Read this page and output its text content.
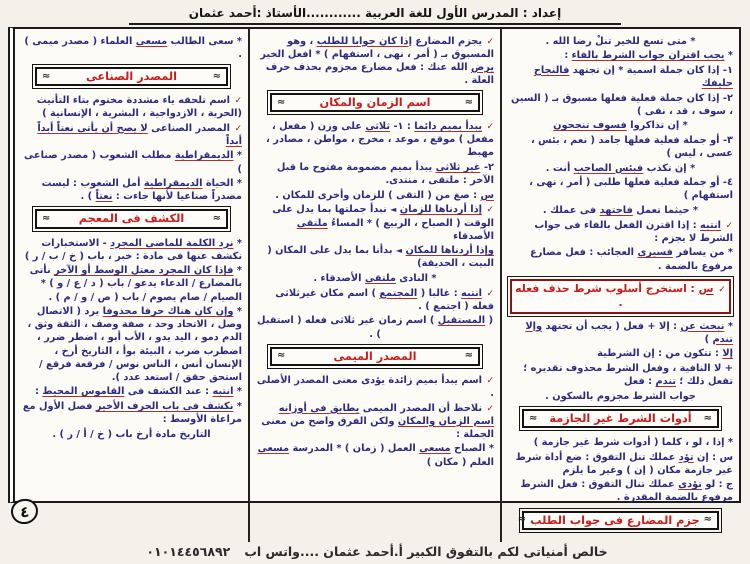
إعداد : المدرس الأول للغة العربية ............الأستاذ :أحمد عثمان
* متى تسع للخير تنلْ رضا الله .
* يجب اقتران جواب الشرط بالفاء :
١- إذا كان جملة اسمية * إن تجتهد فالنجاح حليفك
٢- إذا كان جملة فعلية فعلها مسبوق بـ ( السين ، سوف ، قد ، نفى )
* إن تذاكروا فسوف تنجحون
٣- أو جملة فعلية فعلها جامد ( نعم ، بئس ، عسى ، ليس )
* إن تكذب فبئس الصاحب أنت .
٤- أو جملة فعلية فعلها طلبى ( أمر ، نهى ، استفهام )
* حيثما تعمل فاجتهد فى عملك .
✓ انتبه : إذا اقترن الفعل بالفاء فى جواب الشرط لا يجزم :
* من يسافر فسيرى العجائب : فعل مضارع مرفوع بالضمة .
✓ س : استخرج أسلوب شرط حذف فعله .
* نبحث عن : إلا + فعل ( يجب أن تجتهد وإلا تندم )
إلا : تتكون من : إن الشرطية
+ لا النافية ، وفعل الشرط محذوف تقديره ؛ تفعل ذلك ؛ تندم : فعل
جواب الشرط مجزوم بالسكون .
≈
أدوات الشرط غير الجازمة
≈
* إذا ، لو ، كلما ( أدوات شرط غير جازمة )
س : إن تؤد عملك تنل التفوق : ضع أداة شرط غير جازمة مكان ( إن ) وغير ما يلزم
ج : لو تؤدى عملك تنال التفوق : فعل الشرط مرفوع بالضمة المقدرة .
≈
جزم المضارع فى جواب الطلب
≈
✓ يجزم المضارع إذا كان جوابا للطلب ، وهو المسبوق بـ ( أمر ، نهى ، استفهام ) * افعل الخير يرض الله عنك : فعل مضارع مجزوم بحذف حرف العلة .
≈
اسم الزمان والمكان
≈
✓ يبدأ بميم دائما : ١- ثلاثى على وزن ( مفعل ، مفعل ) موقع ، موعد ، مخرج ، مواطن ، مصادر ، مهبط
٢- غير ثلاثى يبدأ بميم مضمومة مفتوح ما قبل الآخر : ملتقى ، منتدى.
س : صغ من ( التقى ) للزمان وأخرى للمكان .
✓ إذا أردناها للزمان ◄ نبدأ جملتها بما يدل على الوقت ( الصباح ، الربيع ) * المساءُ ملتقى الأصدقاء
وإذا أردناها للمكان ◄ بدأنا بما يدل على المكان ( البيت ، الحديقة)
* النادى ملتقى الأصدقاء .
✓ انتبه : غالبا ( المجتمع ) اسم مكان غيرثلاثى فعله ( اجتمع ) .
( المستقبل ) اسم زمان غير ثلاثى فعله ( استقبل ) .
≈
المصدر الميمى
≈
✓ اسم يبدأ بميم زائدة يؤدى معنى المصدر الأصلى .
✓ نلاحظ أن المصدر الميمى يطابق فى أوزانه اسم الزمان والمكان ولكن الفرق واضح من معنى الجملة :
* الصباح مسعى العمل ( زمان ) * المدرسة مسعى العلم ( مكان )
* سعى الطالب مسعى العلماء ( مصدر ميمى ) .
≈
المصدر الصناعى
≈
✓ اسم تلحقه ياء مشددة مختوم بتاء التأنيث (الحرية ، الازدواجية ، البشرية ، الإنسانية )
✓ المصدر الصناعى لا يصح أن يأتى نعتاً أبداً أبداً
* الديمقراطية مطلب الشعوب ( مصدر صناعى )
* الحياة الديمقراطية أمل الشعوب : ليست مصدراً صناعيا لأنها جاءت : نعتاً ) .
≈
الكشف فى المعجم
≈
* نرد الكلمة للماضى المجرد - الاستخبارات نكشف عنها فى مادة : خبر ، باب ( خ / ب / ر )
* فإذا كان المجرد معتل الوسط أو الآخر نأتى بالمضارع / الدعاء يدعو / باب ( د / ع / و ) * الصيام / صام يصوم / باب ( ص / و / م ) .
* وإن كان هناك حرفا محذوفا يرد ( الاتصال وصل ، الاتحاد وحد ، صفة وصف ، الثقة وثق ، الدم دمو ، اليد يدو ، الأب أبو ، اضطر ضرر ، اضطرب ضرب ، البيئة بوأ ، التاريخ أرخ ، الإنسان أنس ، الناس نوس / فرقعة فرقع / استحق حقق / استعد عدد ).
* انتبه : عند الكشف فى القاموس المحيط :
* نكشف فى باب الحرف الأخير فصل الأول مع مراعاة الأوسط :
التاريخ مادة أرخ باب ( خ / أ / ر ) .
خالص أمنياتى لكم بالتفوق الكبير أ.أحمد عثمان ....واتس اب
٠١٠١٤٤٥٦٨٩٢
٤
